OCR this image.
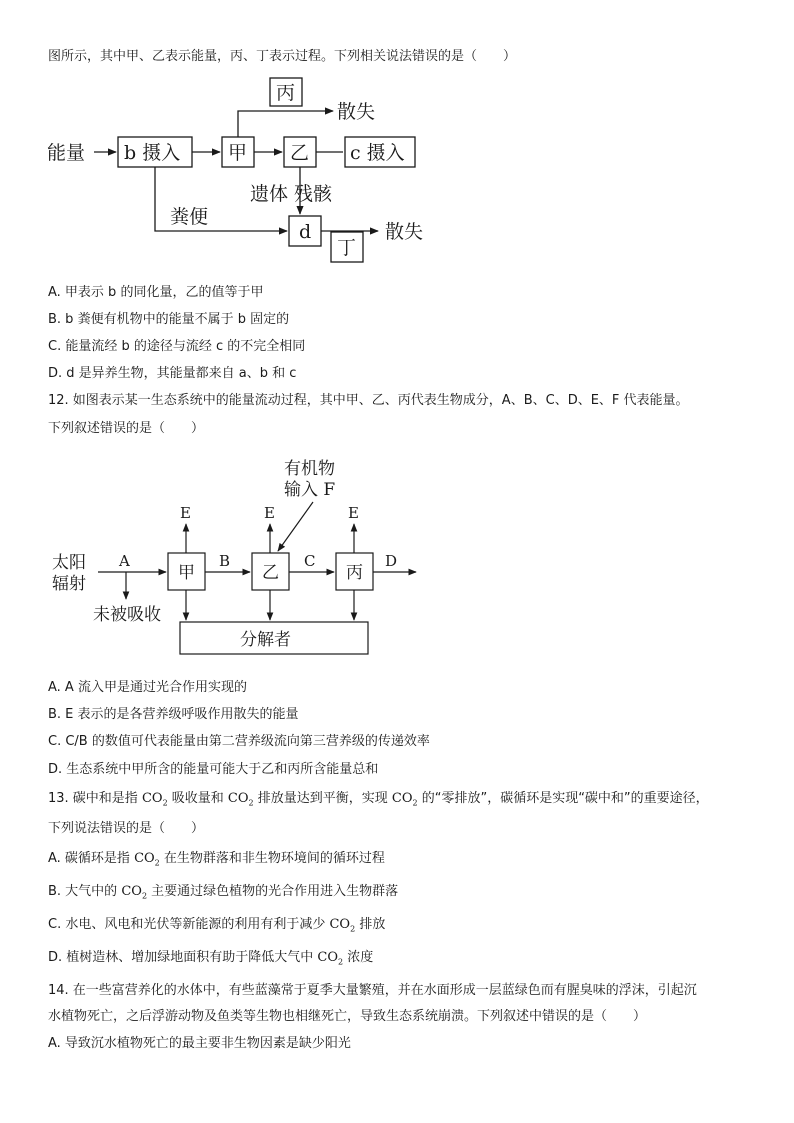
图所示，其中甲、乙表示能量，丙、丁表示过程。下列相关说法错误的是（　　）
能量 b 摄入	甲 乙 c 摄入
丙
散失
遗体 残骸
粪便
d
丁
散失
A. 甲表示 b 的同化量，乙的值等于甲
B. b 粪便有机物中的能量不属于 b 固定的
C. 能量流经 b 的途径与流经 c 的不完全相同
D. d 是异养生物，其能量都来自 a、b 和 c
12. 如图表示某一生态系统中的能量流动过程，其中甲、乙、丙代表生物成分，A、B、C、D、E、F 代表能量。
下列叙述错误的是（　　）
太阳
辐射
A
未被吸收
甲
B
乙
C
丙
D
E	E	E
有机物
输入 F
分解者
A. A 流入甲是通过光合作用实现的
B. E 表示的是各营养级呼吸作用散失的能量
C. C/B 的数值可代表能量由第二营养级流向第三营养级的传递效率
D. 生态系统中甲所含的能量可能大于乙和丙所含能量总和
13. 碳中和是指 $CO_2$ 吸收量和 $CO_2$ 排放量达到平衡，实现 $CO_2$ 的“零排放”，碳循环是实现“碳中和”的重要途径，
下列说法错误的是（　　）
A. 碳循环是指 $CO_2$ 在生物群落和非生物环境间的循环过程
B. 大气中的 $CO_2$ 主要通过绿色植物的光合作用进入生物群落
C. 水电、风电和光伏等新能源的利用有利于减少 $CO_2$ 排放
D. 植树造林、增加绿地面积有助于降低大气中 $CO_2$ 浓度
14. 在一些富营养化的水体中，有些蓝藻常于夏季大量繁殖，并在水面形成一层蓝绿色而有腥臭味的浮沫，引起沉
水植物死亡，之后浮游动物及鱼类等生物也相继死亡，导致生态系统崩溃。下列叙述中错误的是（　　）
A. 导致沉水植物死亡的最主要非生物因素是缺少阳光
